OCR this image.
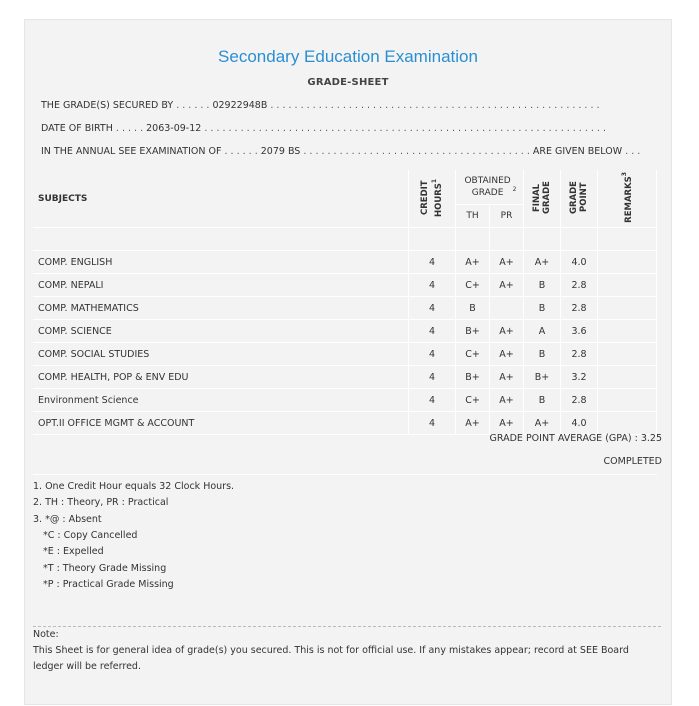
Secondary Education Examination
GRADE-SHEET
THE GRADE(S) SECURED BY . . . . . . 02922948B . . . . . . . . . . . . . . . . . . . . . . . . . . . . . . . . . . . . . . . . . . . . . . . . . . . . . . .
DATE OF BIRTH . . . . . 2063-09-12 . . . . . . . . . . . . . . . . . . . . . . . . . . . . . . . . . . . . . . . . . . . . . . . . . . . . . . . . . . . . . . . . . . .
IN THE ANNUAL SEE EXAMINATION OF . . . . . . 2079 BS . . . . . . . . . . . . . . . . . . . . . . . . . . . . . . . . . . . . . . ARE GIVEN BELOW . . .
SUBJECTS	CREDIT HOURS$^1$	OBTAINED GRADE $^2$		FINAL GRADE	GRADE POINT	REMARKS$^3$
		TH	PR			

COMP. ENGLISH	4	A+	A+	A+	4.0	
COMP. NEPALI	4	C+	A+	B	2.8	
COMP. MATHEMATICS	4	B		B	2.8	
COMP. SCIENCE	4	B+	A+	A	3.6	
COMP. SOCIAL STUDIES	4	C+	A+	B	2.8	
COMP. HEALTH, POP & ENV EDU	4	B+	A+	B+	3.2	
Environment Science	4	C+	A+	B	2.8	
OPT.II OFFICE MGMT & ACCOUNT	4	A+	A+	A+	4.0	
GRADE POINT AVERAGE (GPA) : 3.25
COMPLETED
1. One Credit Hour equals 32 Clock Hours.
2. TH : Theory, PR : Practical
3. *@ : Absent
*C : Copy Cancelled
*E : Expelled
*T : Theory Grade Missing
*P : Practical Grade Missing
Note:
This Sheet is for general idea of grade(s) you secured. This is not for official use. If any mistakes appear; record at SEE Board
ledger will be referred.
